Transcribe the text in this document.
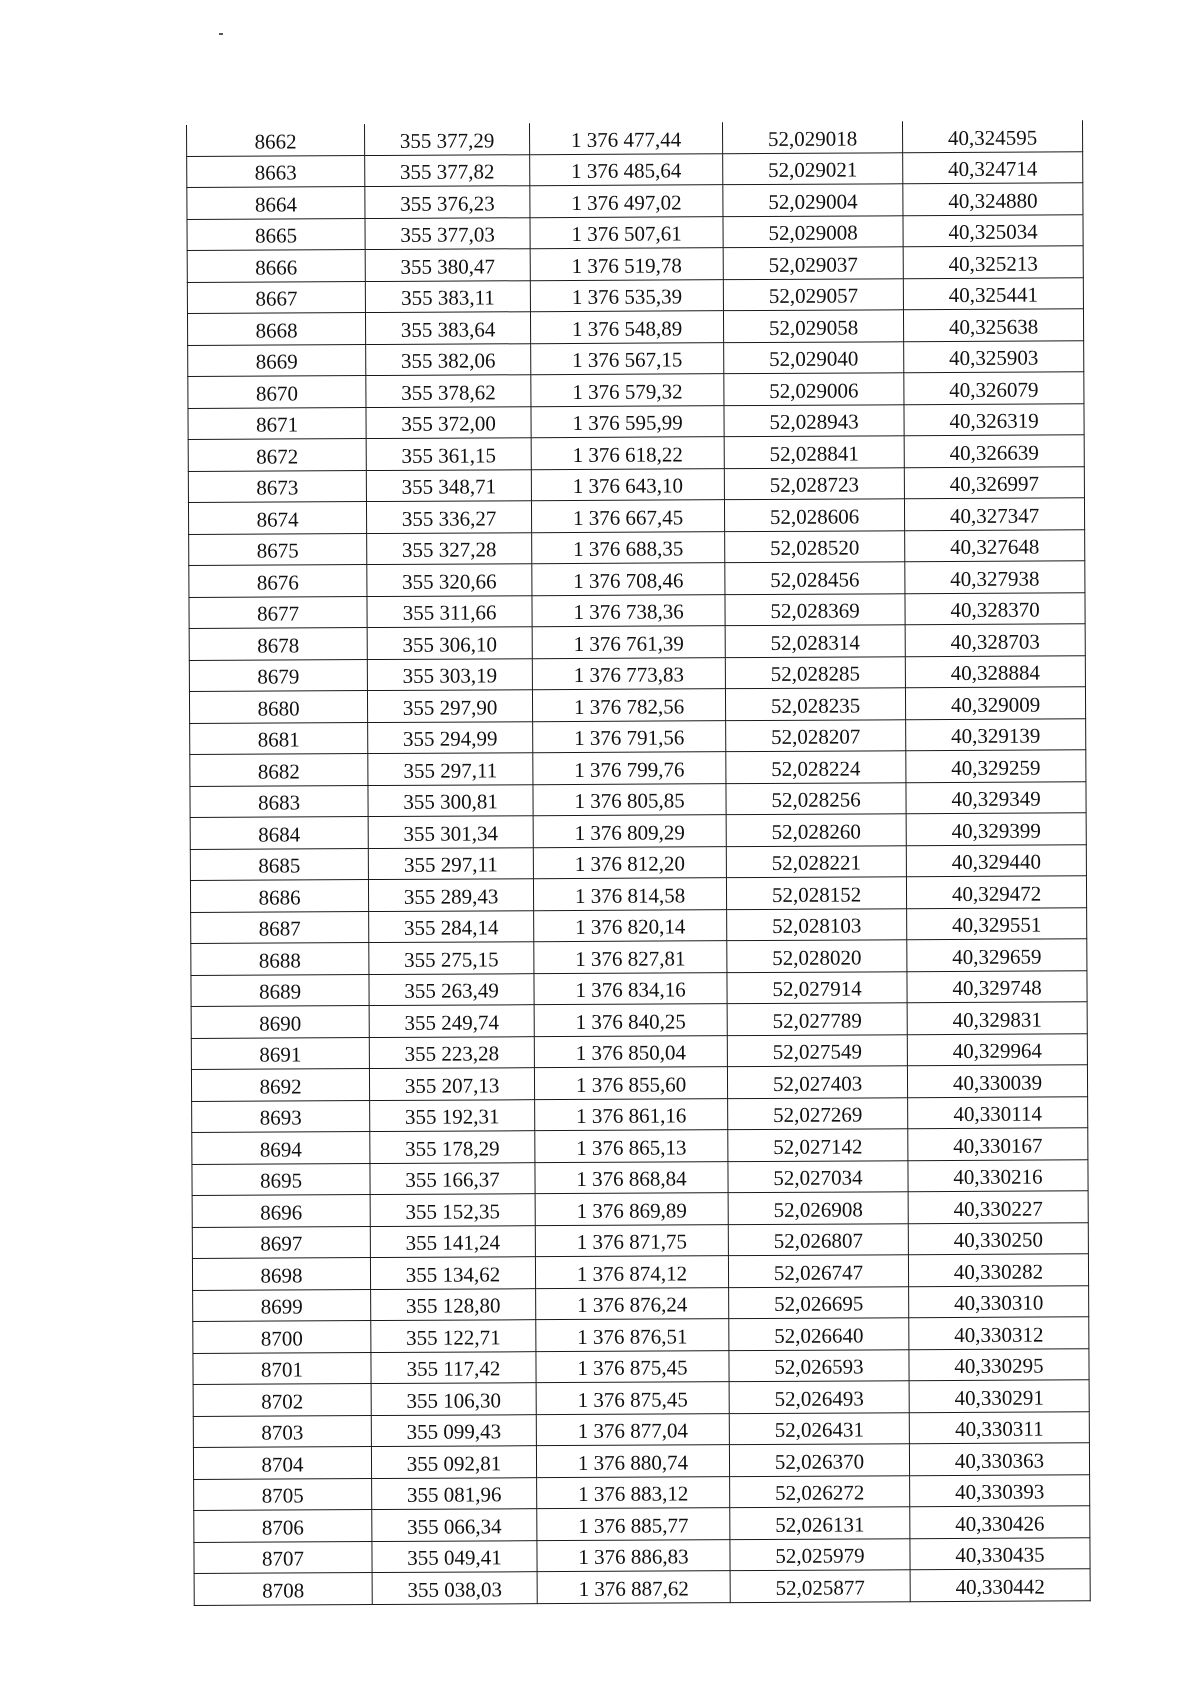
8662	355 377,29	1 376 477,44	52,029018	40,324595
8663	355 377,82	1 376 485,64	52,029021	40,324714
8664	355 376,23	1 376 497,02	52,029004	40,324880
8665	355 377,03	1 376 507,61	52,029008	40,325034
8666	355 380,47	1 376 519,78	52,029037	40,325213
8667	355 383,11	1 376 535,39	52,029057	40,325441
8668	355 383,64	1 376 548,89	52,029058	40,325638
8669	355 382,06	1 376 567,15	52,029040	40,325903
8670	355 378,62	1 376 579,32	52,029006	40,326079
8671	355 372,00	1 376 595,99	52,028943	40,326319
8672	355 361,15	1 376 618,22	52,028841	40,326639
8673	355 348,71	1 376 643,10	52,028723	40,326997
8674	355 336,27	1 376 667,45	52,028606	40,327347
8675	355 327,28	1 376 688,35	52,028520	40,327648
8676	355 320,66	1 376 708,46	52,028456	40,327938
8677	355 311,66	1 376 738,36	52,028369	40,328370
8678	355 306,10	1 376 761,39	52,028314	40,328703
8679	355 303,19	1 376 773,83	52,028285	40,328884
8680	355 297,90	1 376 782,56	52,028235	40,329009
8681	355 294,99	1 376 791,56	52,028207	40,329139
8682	355 297,11	1 376 799,76	52,028224	40,329259
8683	355 300,81	1 376 805,85	52,028256	40,329349
8684	355 301,34	1 376 809,29	52,028260	40,329399
8685	355 297,11	1 376 812,20	52,028221	40,329440
8686	355 289,43	1 376 814,58	52,028152	40,329472
8687	355 284,14	1 376 820,14	52,028103	40,329551
8688	355 275,15	1 376 827,81	52,028020	40,329659
8689	355 263,49	1 376 834,16	52,027914	40,329748
8690	355 249,74	1 376 840,25	52,027789	40,329831
8691	355 223,28	1 376 850,04	52,027549	40,329964
8692	355 207,13	1 376 855,60	52,027403	40,330039
8693	355 192,31	1 376 861,16	52,027269	40,330114
8694	355 178,29	1 376 865,13	52,027142	40,330167
8695	355 166,37	1 376 868,84	52,027034	40,330216
8696	355 152,35	1 376 869,89	52,026908	40,330227
8697	355 141,24	1 376 871,75	52,026807	40,330250
8698	355 134,62	1 376 874,12	52,026747	40,330282
8699	355 128,80	1 376 876,24	52,026695	40,330310
8700	355 122,71	1 376 876,51	52,026640	40,330312
8701	355 117,42	1 376 875,45	52,026593	40,330295
8702	355 106,30	1 376 875,45	52,026493	40,330291
8703	355 099,43	1 376 877,04	52,026431	40,330311
8704	355 092,81	1 376 880,74	52,026370	40,330363
8705	355 081,96	1 376 883,12	52,026272	40,330393
8706	355 066,34	1 376 885,77	52,026131	40,330426
8707	355 049,41	1 376 886,83	52,025979	40,330435
8708	355 038,03	1 376 887,62	52,025877	40,330442
